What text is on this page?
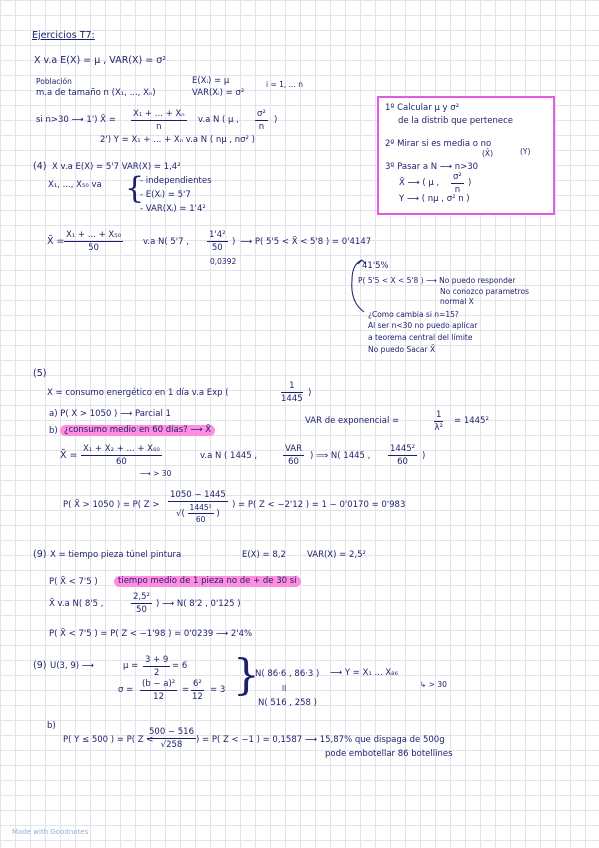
Ejercicios T7:
X v.a E(X) = μ , VAR(X) = σ²
Población
m.a de tamaño n (X₁, ..., Xₙ)
E(Xᵢ) = μ
VAR(Xᵢ) = σ²
i = 1, ... n
si n>30 ⟶ 1') X̄ = $\frac{\text{X₁ + ... + Xₙ}}{n} v.a$ N ( μ , $\frac{\text{σ²}}{n}$ )
2') Y = X₁ + ... + Xₙ v.a N ( nμ , nσ² )
1º Calcular μ y σ²
de la distrib que pertenece
2º Mirar si es media o no
(X̄)	(Y)
3º Pasar a N ⟶ n>30
X̄ ⟶ ( μ , $\frac{\text{σ²}}{n}$ )
Y ⟶ ( nμ , σ² n )
(4) X v.a E(X) = 5'7 VAR(X) = 1,4²
X₁, ..., X₅₀ va {
- independientes
- E(Xᵢ) = 5'7
- VAR(Xᵢ) = 1'4²
X̄ = $\frac{\text{X₁ + ... + X₅₀}}{50} v.a$ N( 5'7 , $\frac{\text{1'4²}}{50}$ ) ⟶ P( 5'5 < X̄ < 5'8 ) = 0'4147
0,0392	41'5%
P( 5'5 < X < 5'8 ) ⟶ No puedo responder
No conozco parametros
normal X
¿Como cambia si n=15?
Al ser n<30 no puedo aplicar
a teorema central del límite
No puedo Sacar X̄
(5)
X = consumo energético en 1 día v.a Exp (	$\frac{1}{1445}$ )
a) P( X > 1050 ) ⟶ Parcial 1
b) ¿consumo medio en 60 días? ⟶ X̄
VAR de exponencial =	$\frac{1}{\text{λ²}} = 1445^2$
X̄ = $\frac{\text{X₁ + X₂ + ... + X₆₀}}{60}$
⟶ > 30
v.a N ( 1445 ,
VAR
60
) ⟹ N( 1445 , $\frac{\text{1445²}}{60}$ )
P( X̄ > 1050 ) = P( $Z > \frac{1050 - 1445}{√( \frac{\text{1445²}}{60} )}$ ) = P( Z < −2'12 ) = 1 − 0'0170 = 0'983
(9) X = tiempo pieza túnel pintura	E(X) = 8,2 VAR(X) = 2,5²
P( X̄ < 7'5 )	tiempo medio de 1 pieza no de + de 30 sí
X̄ v.a N( 8'5 ,	$\frac{\text{2,5²}}{50}$ ) ⟶ N( 8'2 , 0'125 )
P( X̄ < 7'5 ) = P( Z < −1'98 ) = 0'0239 ⟶ 2'4%
(9) U(3, 9) ⟶	$\mu = \frac{3 + 9}{2} = 6$
$\sigma = \frac{\text{(b − a)²}}{12} = \frac{\text{6²}}{12} = 3$ }
N( 86·6 , 86·3 ) ⟶ Y = X₁ ... X₈₆
↳ > 30
ll
N( 516 , 258 )
b)
P( Y ≤ 500 ) = P( Z <
$\frac{500 - 516}{√258}$ ) = P( Z < −1 ) = 0,1587 ⟶ 15,87% que dispaga de 500g
pode embotellar 86 botellines
Made with Goodnotes
